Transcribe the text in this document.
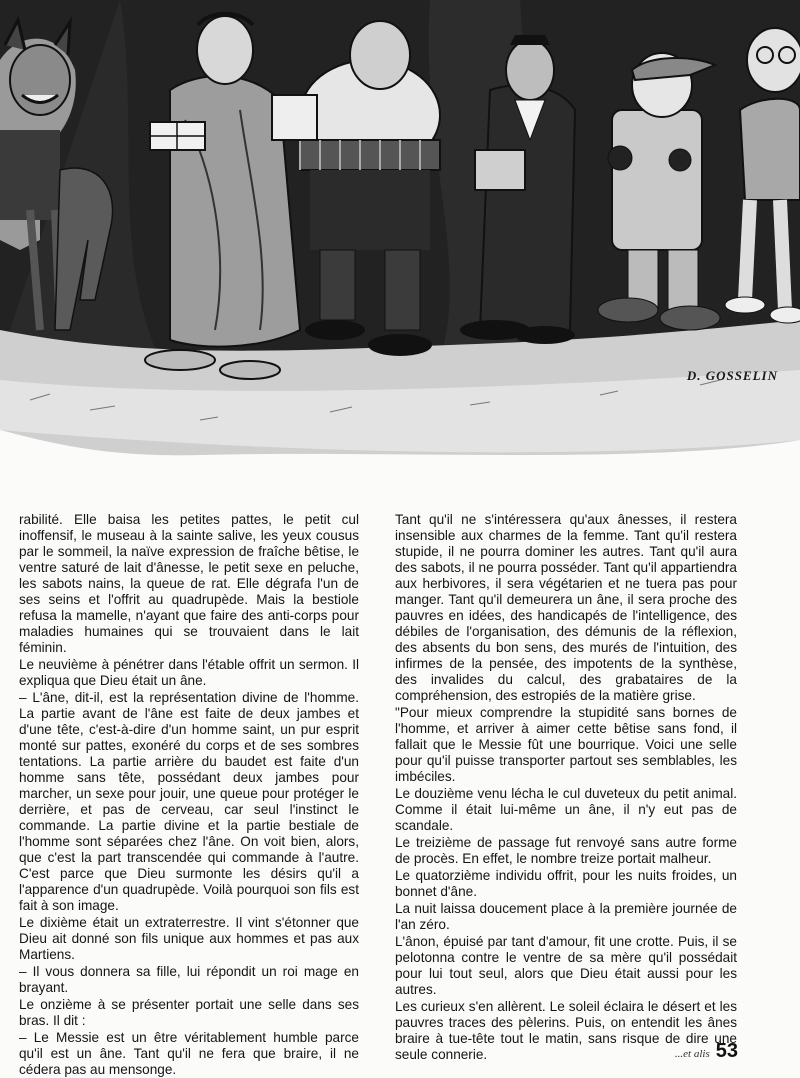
D. GOSSELIN

rabilité. Elle baisa les petites pattes, le petit cul inoffensif, le museau à la sainte salive, les yeux cousus par le sommeil, la naïve expression de fraîche bêtise, le ventre saturé de lait d'ânesse, le petit sexe en peluche, les sabots nains, la queue de rat. Elle dégrafa l'un de ses seins et l'offrit au quadrupède. Mais la bestiole refusa la mamelle, n'ayant que faire des anti-corps pour maladies humaines qui se trouvaient dans le lait féminin.

Le neuvième à pénétrer dans l'étable offrit un sermon. Il expliqua que Dieu était un âne.

– L'âne, dit-il, est la représentation divine de l'homme. La partie avant de l'âne est faite de deux jambes et d'une tête, c'est-à-dire d'un homme saint, un pur esprit monté sur pattes, exonéré du corps et de ses sombres tentations. La partie arrière du baudet est faite d'un homme sans tête, possédant deux jambes pour marcher, un sexe pour jouir, une queue pour protéger le derrière, et pas de cerveau, car seul l'instinct le commande. La partie divine et la partie bestiale de l'homme sont séparées chez l'âne. On voit bien, alors, que c'est la part transcendée qui commande à l'autre. C'est parce que Dieu surmonte les désirs qu'il a l'apparence d'un quadrupède. Voilà pourquoi son fils est fait à son image.

Le dixième était un extraterrestre. Il vint s'étonner que Dieu ait donné son fils unique aux hommes et pas aux Martiens.

– Il vous donnera sa fille, lui répondit un roi mage en brayant.

Le onzième à se présenter portait une selle dans ses bras. Il dit :

– Le Messie est un être véritablement humble parce qu'il est un âne. Tant qu'il ne fera que braire, il ne cédera pas au mensonge.

Tant qu'il ne s'intéressera qu'aux ânesses, il restera insensible aux charmes de la femme. Tant qu'il restera stupide, il ne pourra dominer les autres. Tant qu'il aura des sabots, il ne pourra posséder. Tant qu'il appartiendra aux herbivores, il sera végétarien et ne tuera pas pour manger. Tant qu'il demeurera un âne, il sera proche des pauvres en idées, des handicapés de l'intelligence, des débiles de l'organisation, des démunis de la réflexion, des absents du bon sens, des murés de l'intuition, des infirmes de la pensée, des impotents de la synthèse, des invalides du calcul, des grabataires de la compréhension, des estropiés de la matière grise.

"Pour mieux comprendre la stupidité sans bornes de l'homme, et arriver à aimer cette bêtise sans fond, il fallait que le Messie fût une bourrique. Voici une selle pour qu'il puisse transporter partout ses semblables, les imbéciles.

Le douzième venu lécha le cul duveteux du petit animal. Comme il était lui-même un âne, il n'y eut pas de scandale.

Le treizième de passage fut renvoyé sans autre forme de procès. En effet, le nombre treize portait malheur.

Le quatorzième individu offrit, pour les nuits froides, un bonnet d'âne.

La nuit laissa doucement place à la première journée de l'an zéro.

L'ânon, épuisé par tant d'amour, fit une crotte. Puis, il se pelotonna contre le ventre de sa mère qu'il possédait pour lui tout seul, alors que Dieu était aussi pour les autres.

Les curieux s'en allèrent. Le soleil éclaira le désert et les pauvres traces des pèlerins. Puis, on entendit les ânes braire à tue-tête tout le matin, sans risque de dire une seule connerie.	...et alis 53
